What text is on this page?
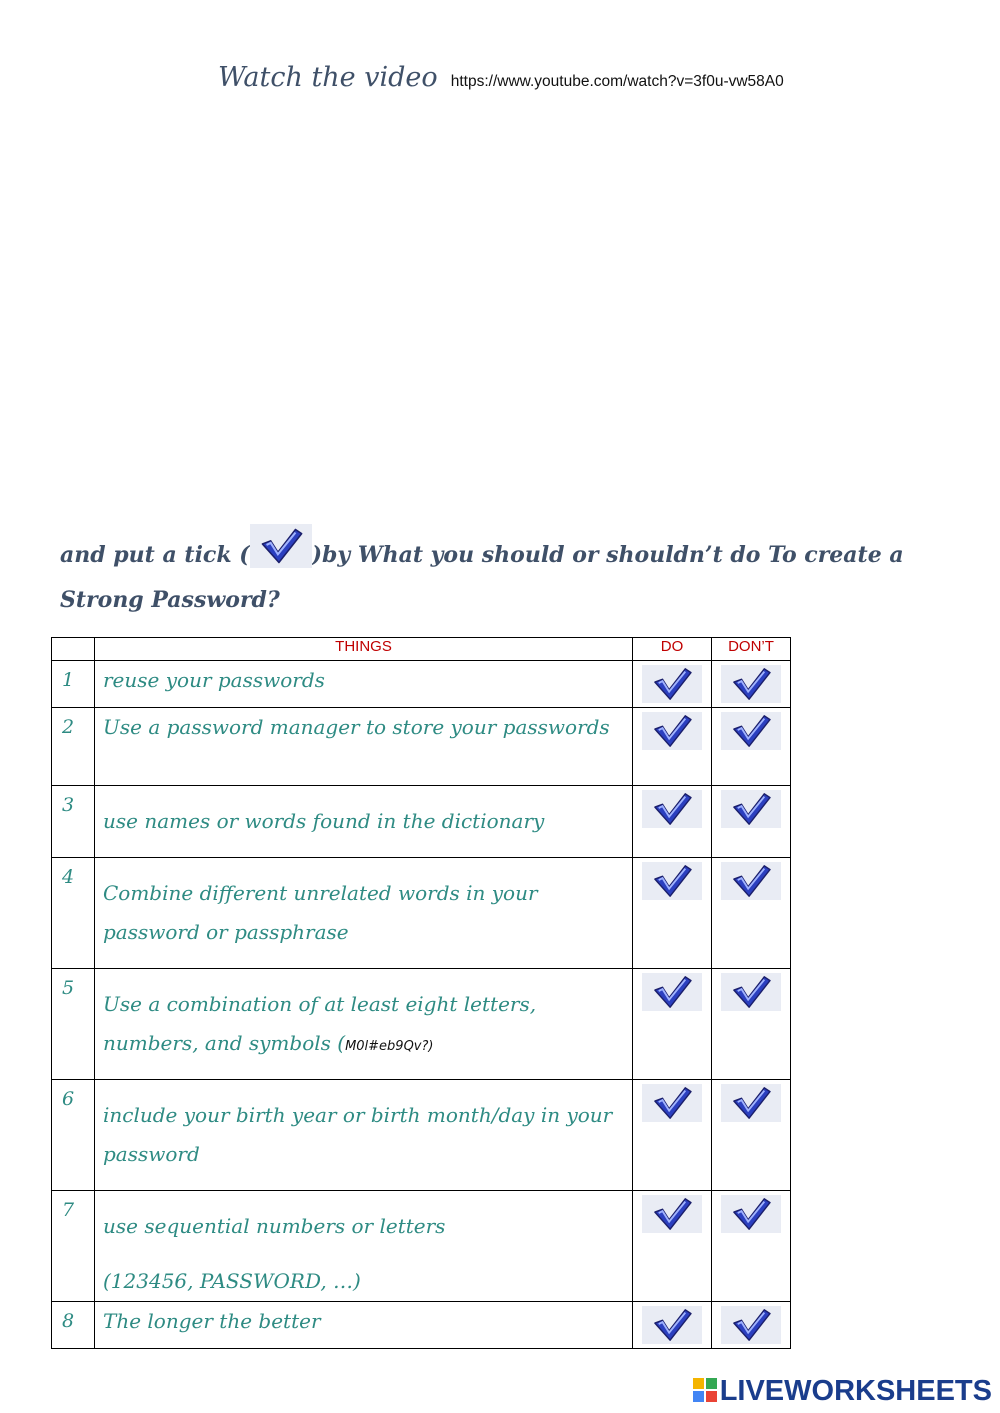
Watch the video https://www.youtube.com/watch?v=3f0u-vw58A0
and put a tick (	)by What you should or shouldn’t do To create a Strong Password?
	THINGS	DO	DON’T
1	reuse your passwords	

2	Use a password manager to store your passwords	

3	use names or words found in the dictionary	

4	Combine different unrelated words in your password or passphrase	

5	Use a combination of at least eight letters, numbers, and symbols (M0l#eb9Qv?)	

6	include your birth year or birth month/day in your password	

7	use sequential numbers or letters
(123456, PASSWORD, …)

8	The longer the better	

LIVEWORKSHEETS
